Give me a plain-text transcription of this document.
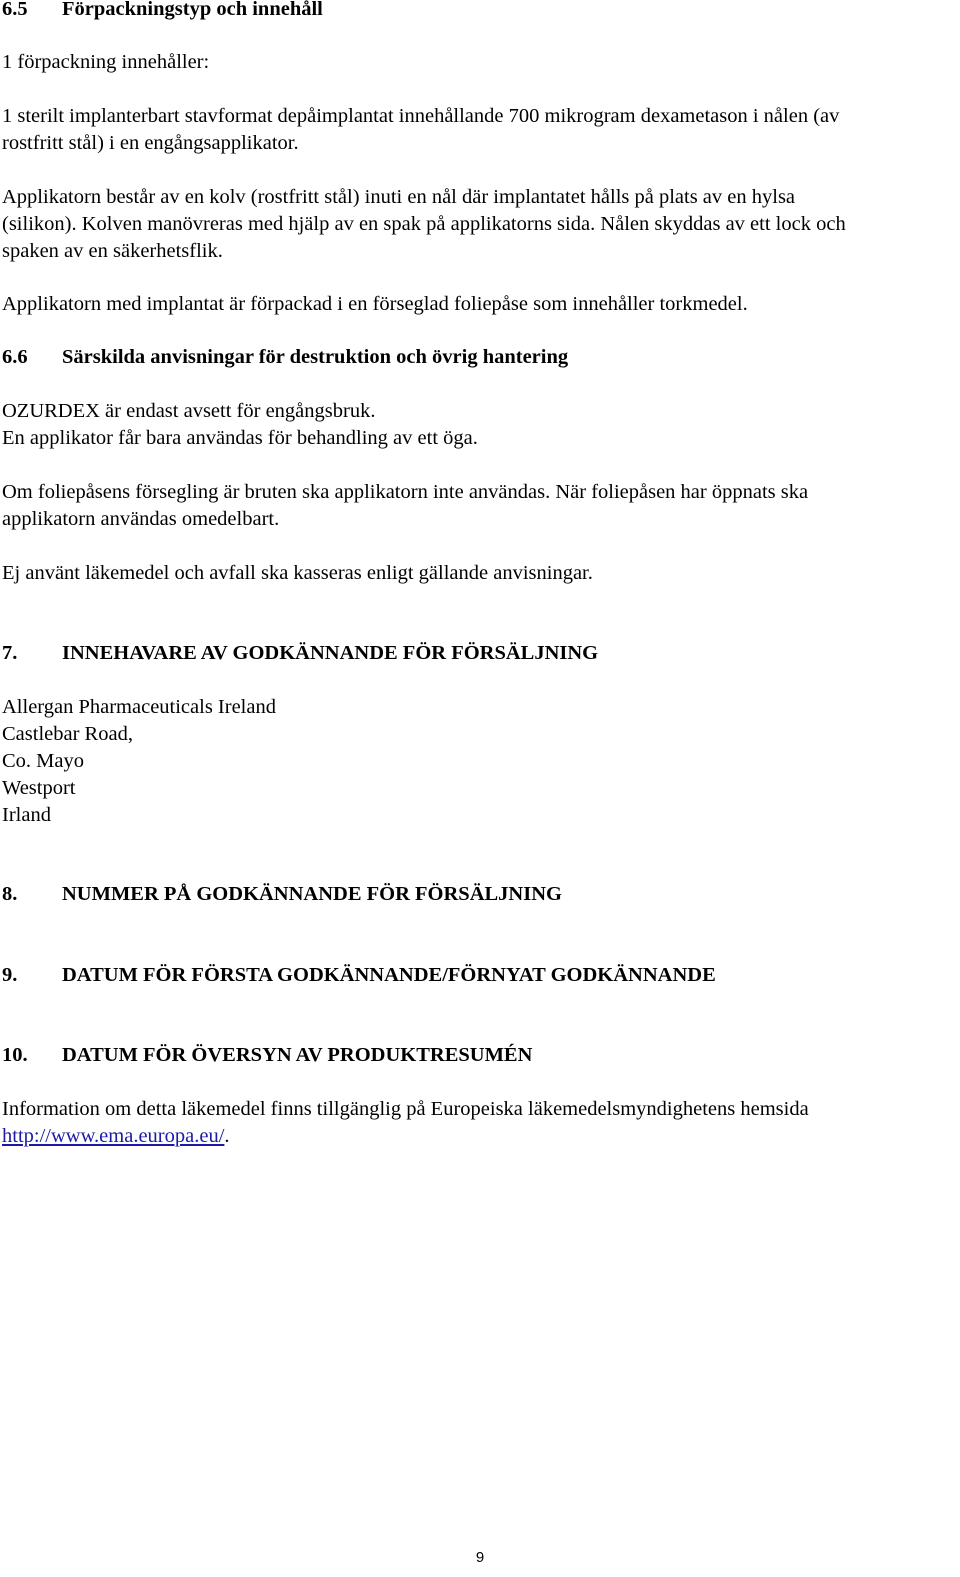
6.5 Förpackningstyp och innehåll
1 förpackning innehåller:
1 sterilt implanterbart stavformat depåimplantat innehållande 700 mikrogram dexametason i nålen (av
rostfritt stål) i en engångsapplikator.
Applikatorn består av en kolv (rostfritt stål) inuti en nål där implantatet hålls på plats av en hylsa
(silikon). Kolven manövreras med hjälp av en spak på applikatorns sida. Nålen skyddas av ett lock och
spaken av en säkerhetsflik.
Applikatorn med implantat är förpackad i en förseglad foliepåse som innehåller torkmedel.
6.6 Särskilda anvisningar för destruktion och övrig hantering
OZURDEX är endast avsett för engångsbruk.
En applikator får bara användas för behandling av ett öga.
Om foliepåsens försegling är bruten ska applikatorn inte användas. När foliepåsen har öppnats ska
applikatorn användas omedelbart.
Ej använt läkemedel och avfall ska kasseras enligt gällande anvisningar.
7. INNEHAVARE AV GODKÄNNANDE FÖR FÖRSÄLJNING
Allergan Pharmaceuticals Ireland
Castlebar Road,
Co. Mayo
Westport
Irland
8. NUMMER PÅ GODKÄNNANDE FÖR FÖRSÄLJNING
9. DATUM FÖR FÖRSTA GODKÄNNANDE/FÖRNYAT GODKÄNNANDE
10. DATUM FÖR ÖVERSYN AV PRODUKTRESUMÉN
Information om detta läkemedel finns tillgänglig på Europeiska läkemedelsmyndighetens hemsida
http://www.ema.europa.eu/.
9
